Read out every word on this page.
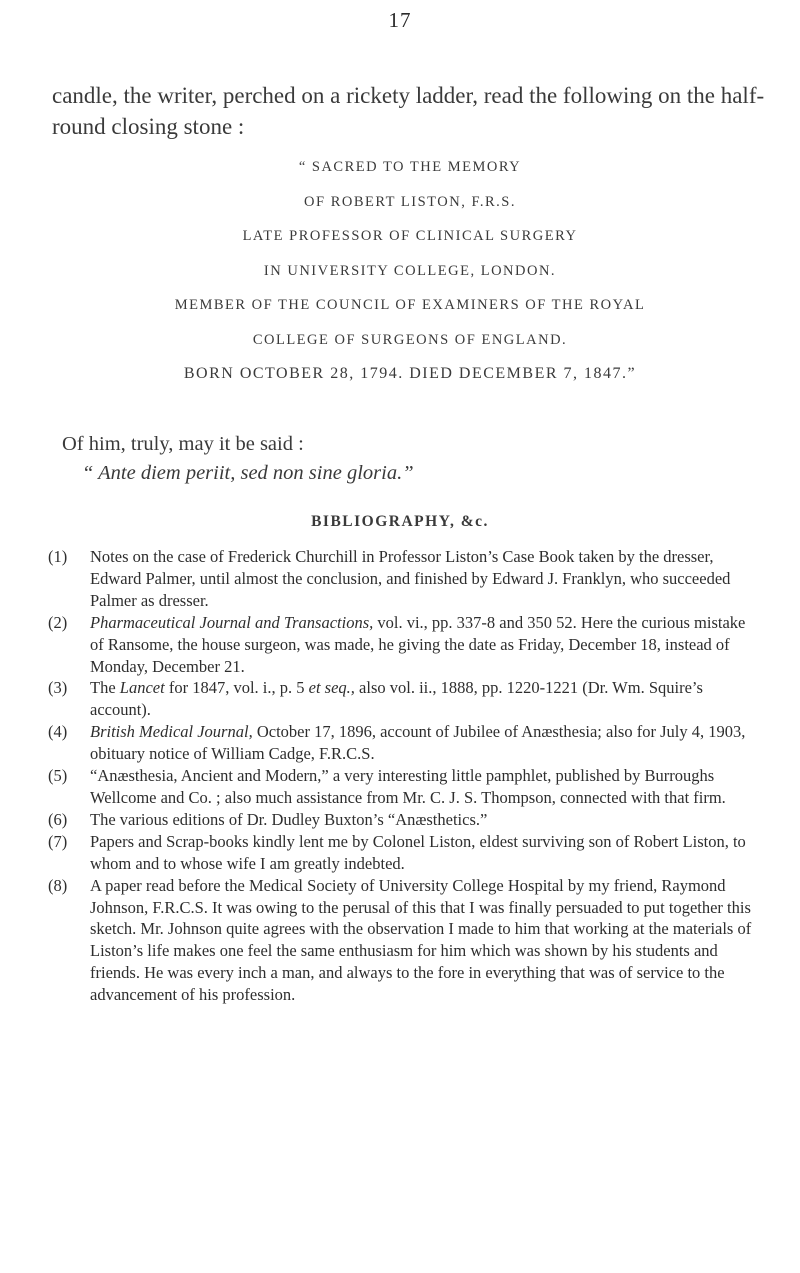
17

candle, the writer, perched on a rickety ladder, read the following on the half-round closing stone :

“ SACRED TO THE MEMORY
OF ROBERT LISTON, F.R.S.
LATE PROFESSOR OF CLINICAL SURGERY
IN UNIVERSITY COLLEGE, LONDON.
MEMBER OF THE COUNCIL OF EXAMINERS OF THE ROYAL
COLLEGE OF SURGEONS OF ENGLAND.
BORN OCTOBER 28, 1794. DIED DECEMBER 7, 1847.”

Of him, truly, may it be said :

“ Ante diem periit, sed non sine gloria.”

BIBLIOGRAPHY, &c.
(1) Notes on the case of Frederick Churchill in Professor Liston’s Case Book taken by the dresser, Edward Palmer, until almost the conclusion, and finished by Edward J. Franklyn, who succeeded Palmer as dresser.
(2) Pharmaceutical Journal and Transactions, vol. vi., pp. 337-8 and 350 52. Here the curious mistake of Ransome, the house surgeon, was made, he giving the date as Friday, December 18, instead of Monday, December 21.
(3) The Lancet for 1847, vol. i., p. 5 et seq., also vol. ii., 1888, pp. 1220-1221 (Dr. Wm. Squire’s account).
(4) British Medical Journal, October 17, 1896, account of Jubilee of Anæsthesia; also for July 4, 1903, obituary notice of William Cadge, F.R.C.S.
(5) “Anæsthesia, Ancient and Modern,” a very interesting little pamphlet, published by Burroughs Wellcome and Co. ; also much assistance from Mr. C. J. S. Thompson, connected with that firm.
(6) The various editions of Dr. Dudley Buxton’s “Anæsthetics.”
(7) Papers and Scrap-books kindly lent me by Colonel Liston, eldest surviving son of Robert Liston, to whom and to whose wife I am greatly indebted.
(8) A paper read before the Medical Society of University College Hospital by my friend, Raymond Johnson, F.R.C.S. It was owing to the perusal of this that I was finally persuaded to put together this sketch. Mr. Johnson quite agrees with the observation I made to him that working at the materials of Liston’s life makes one feel the same enthusiasm for him which was shown by his students and friends. He was every inch a man, and always to the fore in everything that was of service to the advancement of his profession.
